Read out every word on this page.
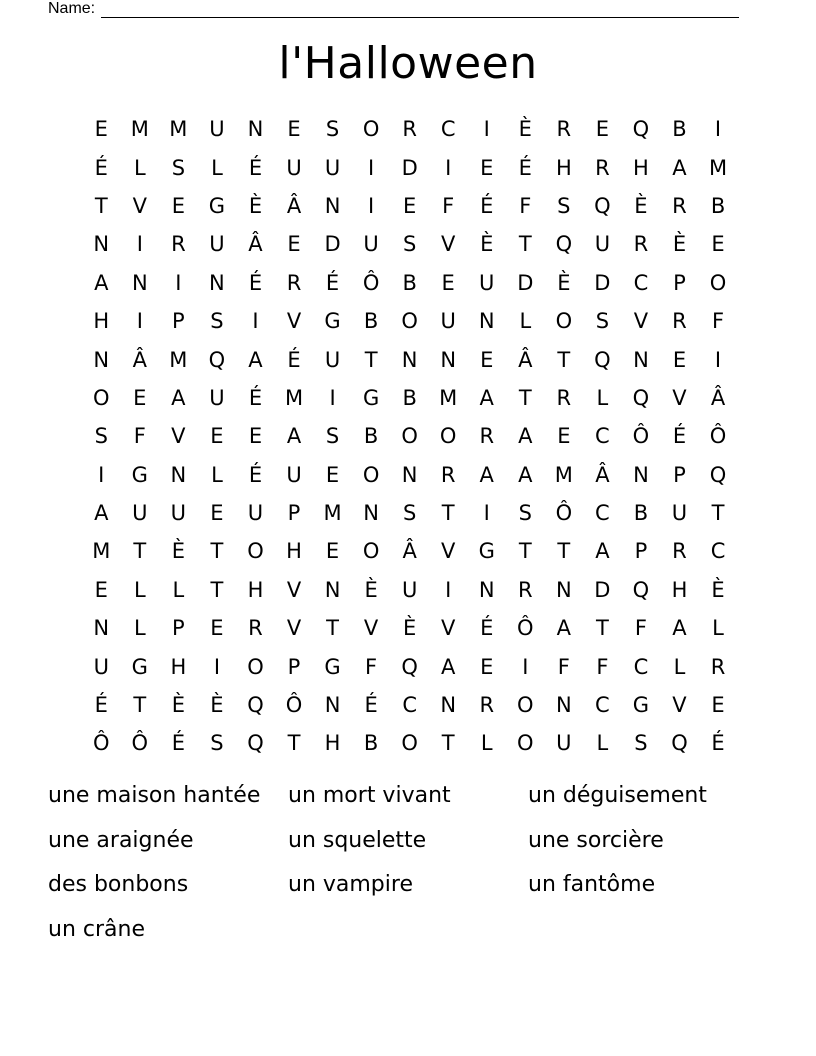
Name:
l'Halloween
E	M M	U	N	E	S	O	R	C	I	È	R	E	Q	B	I
É	L	S	L	É	U	U	I	D	I	E	É	H	R	H	A	M
T	V	E	G	È	Â	N	I	E	F	É	F	S	Q	È	R	B
N	I	R	U	Â	E	D	U	S	V	È	T	Q	U	R	È	E
A	N	I	N	É	R	É	Ô	B	E	U	D	È	D	C	P	O
H	I	P	S	I	V	G	B	O	U	N	L	O	S	V	R	F
N	Â	M	Q	A	É	U	T	N	N	E	Â	T	Q	N	E	I
O	E	A	U	É	M	I	G	B	M	A	T	R	L	Q	V	Â
S	F	V	E	E	A	S	B	O	O	R	A	E	C	Ô	É	Ô
I	G	N	L	É	U	E	O	N	R	A	A	M	Â	N	P	Q
A	U	U	E	U	P	M	N	S	T	I	S	Ô	C	B	U	T
M	T	È	T	O	H	E	O	Â	V	G	T	T	A	P	R	C
E	L	L	T	H	V	N	È	U	I	N	R	N	D	Q	H	È
N	L	P	E	R	V	T	V	È	V	É	Ô	A	T	F	A	L
U	G	H	I	O	P	G	F	Q	A	E	I	F	F	C	L	R
É	T	È	È	Q	Ô	N	É	C	N	R	O	N	C	G	V	E
Ô	Ô	É	S	Q	T	H	B	O	T	L	O	U	L	S	Q	É
une maison hantée	un mort vivant	un déguisement
une araignée	un squelette	une sorcière
des bonbons	un vampire	un fantôme
un crâne
